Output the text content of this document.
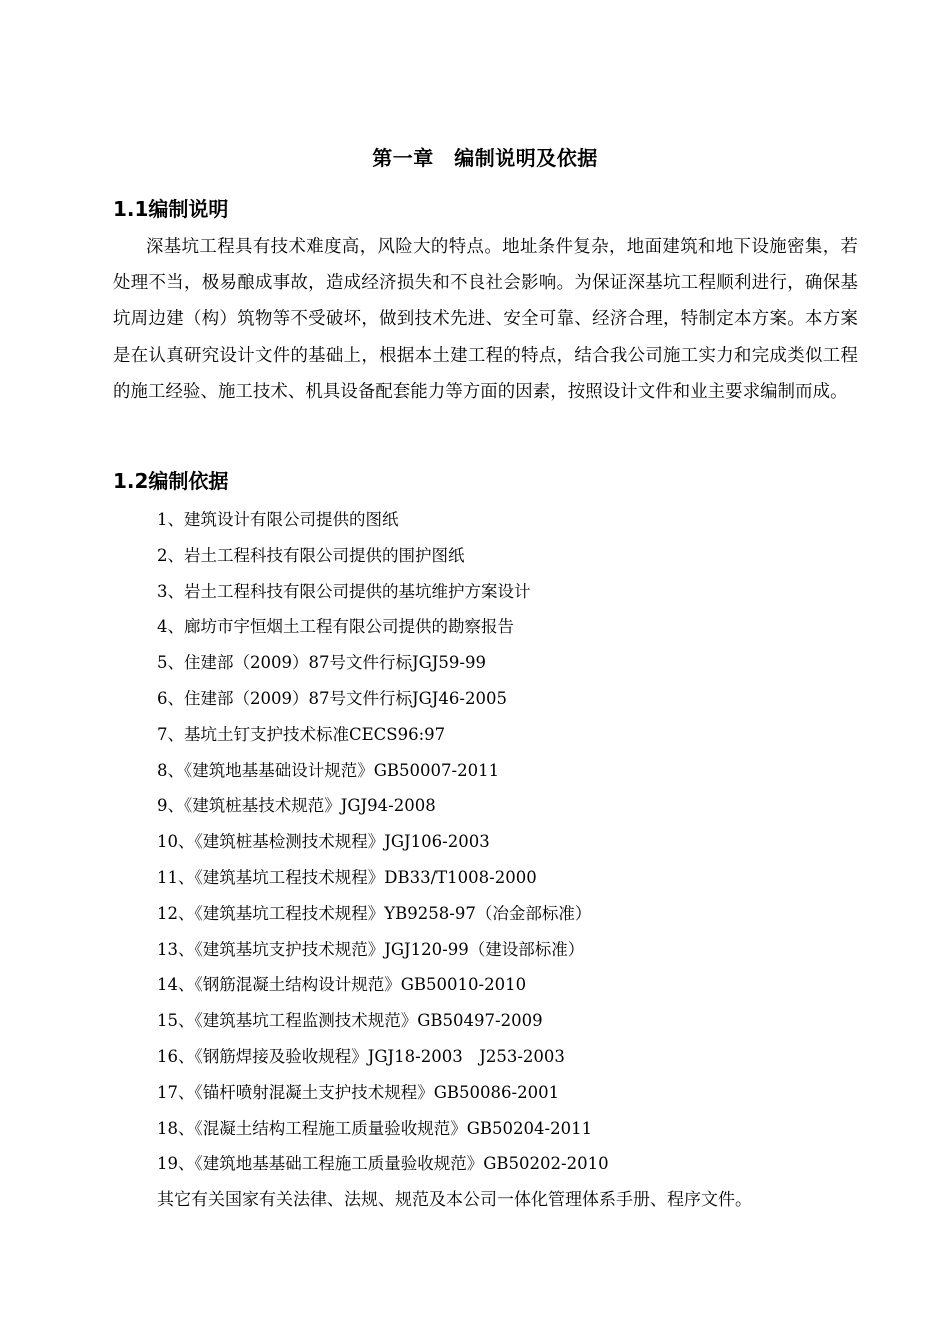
第一章　编制说明及依据
1.1编制说明
深基坑工程具有技术难度高，风险大的特点。地址条件复杂，地面建筑和地下设施密集，若处理不当，极易酿成事故，造成经济损失和不良社会影响。为保证深基坑工程顺利进行，确保基坑周边建（构）筑物等不受破坏，做到技术先进、安全可靠、经济合理，特制定本方案。本方案是在认真研究设计文件的基础上，根据本土建工程的特点，结合我公司施工实力和完成类似工程的施工经验、施工技术、机具设备配套能力等方面的因素，按照设计文件和业主要求编制而成。
1.2编制依据
1、建筑设计有限公司提供的图纸
2、岩土工程科技有限公司提供的围护图纸
3、岩土工程科技有限公司提供的基坑维护方案设计
4、廊坊市宇恒烟土工程有限公司提供的勘察报告
5、住建部（2009）87号文件行标JGJ59-99
6、住建部（2009）87号文件行标JGJ46-2005
7、基坑土钉支护技术标准CECS96:97
8、《建筑地基基础设计规范》GB50007-2011
9、《建筑桩基技术规范》JGJ94-2008
10、《建筑桩基检测技术规程》JGJ106-2003
11、《建筑基坑工程技术规程》DB33/T1008-2000
12、《建筑基坑工程技术规程》YB9258-97（冶金部标准）
13、《建筑基坑支护技术规范》JGJ120-99（建设部标准）
14、《钢筋混凝土结构设计规范》GB50010-2010
15、《建筑基坑工程监测技术规范》GB50497-2009
16、《钢筋焊接及验收规程》JGJ18-2003　J253-2003
17、《锚杆喷射混凝土支护技术规程》GB50086-2001
18、《混凝土结构工程施工质量验收规范》GB50204-2011
19、《建筑地基基础工程施工质量验收规范》GB50202-2010
其它有关国家有关法律、法规、规范及本公司一体化管理体系手册、程序文件。
